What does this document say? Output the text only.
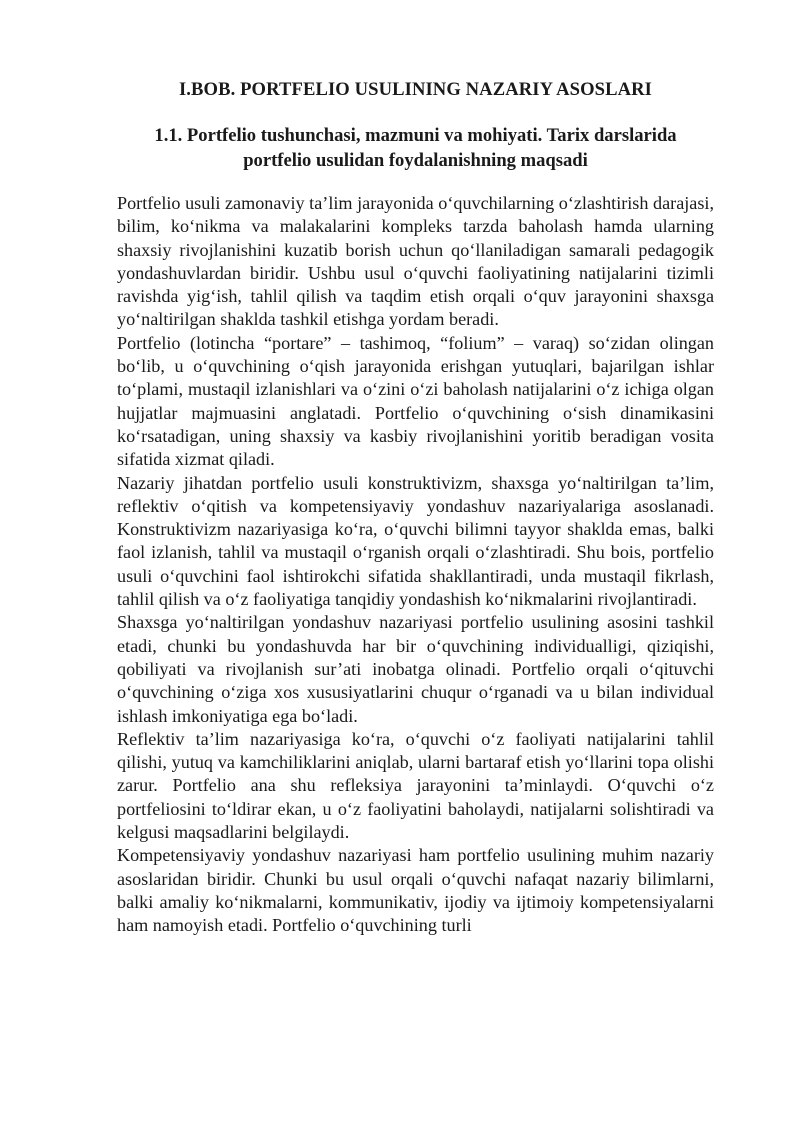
I.BOB. PORTFELIO USULINING NAZARIY ASOSLARI
1.1. Portfelio tushunchasi, mazmuni va mohiyati. Tarix darslarida
portfelio usulidan foydalanishning maqsadi

Portfelio usuli zamonaviy ta’lim jarayonida o‘quvchilarning o‘zlashtirish darajasi, bilim, ko‘nikma va malakalarini kompleks tarzda baholash hamda ularning shaxsiy rivojlanishini kuzatib borish uchun qo‘llaniladigan samarali pedagogik yondashuvlardan biridir. Ushbu usul o‘quvchi faoliyatining natijalarini tizimli ravishda yig‘ish, tahlil qilish va taqdim etish orqali o‘quv jarayonini shaxsga yo‘naltirilgan shaklda tashkil etishga yordam beradi.

Portfelio (lotincha “portare” – tashimoq, “folium” – varaq) so‘zidan olingan bo‘lib, u o‘quvchining o‘qish jarayonida erishgan yutuqlari, bajarilgan ishlar to‘plami, mustaqil izlanishlari va o‘zini o‘zi baholash natijalarini o‘z ichiga olgan hujjatlar majmuasini anglatadi. Portfelio o‘quvchining o‘sish dinamikasini ko‘rsatadigan, uning shaxsiy va kasbiy rivojlanishini yoritib beradigan vosita sifatida xizmat qiladi.

Nazariy jihatdan portfelio usuli konstruktivizm, shaxsga yo‘naltirilgan ta’lim, reflektiv o‘qitish va kompetensiyaviy yondashuv nazariyalariga asoslanadi. Konstruktivizm nazariyasiga ko‘ra, o‘quvchi bilimni tayyor shaklda emas, balki faol izlanish, tahlil va mustaqil o‘rganish orqali o‘zlashtiradi. Shu bois, portfelio usuli o‘quvchini faol ishtirokchi sifatida shakllantiradi, unda mustaqil fikrlash, tahlil qilish va o‘z faoliyatiga tanqidiy yondashish ko‘nikmalarini rivojlantiradi.

Shaxsga yo‘naltirilgan yondashuv nazariyasi portfelio usulining asosini tashkil etadi, chunki bu yondashuvda har bir o‘quvchining individualligi, qiziqishi, qobiliyati va rivojlanish sur’ati inobatga olinadi. Portfelio orqali o‘qituvchi o‘quvchining o‘ziga xos xususiyatlarini chuqur o‘rganadi va u bilan individual ishlash imkoniyatiga ega bo‘ladi.

Reflektiv ta’lim nazariyasiga ko‘ra, o‘quvchi o‘z faoliyati natijalarini tahlil qilishi, yutuq va kamchiliklarini aniqlab, ularni bartaraf etish yo‘llarini topa olishi zarur. Portfelio ana shu refleksiya jarayonini ta’minlaydi. O‘quvchi o‘z portfeliosini to‘ldirar ekan, u o‘z faoliyatini baholaydi, natijalarni solishtiradi va kelgusi maqsadlarini belgilaydi.

Kompetensiyaviy yondashuv nazariyasi ham portfelio usulining muhim nazariy asoslaridan biridir. Chunki bu usul orqali o‘quvchi nafaqat nazariy bilimlarni, balki amaliy ko‘nikmalarni, kommunikativ, ijodiy va ijtimoiy kompetensiyalarni ham namoyish etadi. Portfelio o‘quvchining turli
